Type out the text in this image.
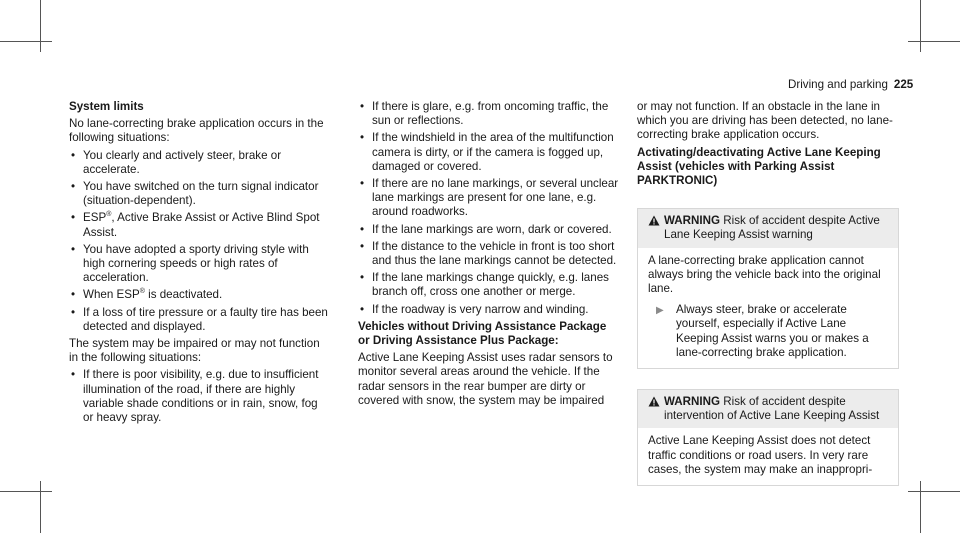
Driving and parking 225
System limits

No lane-correcting brake application occurs in the following situations:

• You clearly and actively steer, brake or accelerate.
• You have switched on the turn signal indicator (situation-dependent).
• ESP®, Active Brake Assist or Active Blind Spot Assist.
• You have adopted a sporty driving style with high cornering speeds or high rates of acceleration.
• When ESP® is deactivated.
• If a loss of tire pressure or a faulty tire has been detected and displayed.

The system may be impaired or may not function in the following situations:

• If there is poor visibility, e.g. due to insufficient illumination of the road, if there are highly variable shade conditions or in rain, snow, fog or heavy spray.
• If there is glare, e.g. from oncoming traffic, the sun or reflections.
• If the windshield in the area of the multifunction camera is dirty, or if the camera is fogged up, damaged or covered.
• If there are no lane markings, or several unclear lane markings are present for one lane, e.g. around roadworks.
• If the lane markings are worn, dark or covered.
• If the distance to the vehicle in front is too short and thus the lane markings cannot be detected.
• If the lane markings change quickly, e.g. lanes branch off, cross one another or merge.
• If the roadway is very narrow and winding.
Vehicles without Driving Assistance Package or Driving Assistance Plus Package:

Active Lane Keeping Assist uses radar sensors to monitor several areas around the vehicle. If the radar sensors in the rear bumper are dirty or covered with snow, the system may be impaired

or may not function. If an obstacle in the lane in which you are driving has been detected, no lane-correcting brake application occurs.

Activating/deactivating Active Lane Keeping Assist (vehicles with Parking Assist PARKTRONIC)
WARNING Risk of accident despite Active Lane Keeping Assist warning
A lane-correcting brake application cannot always bring the vehicle back into the original lane.
▶	Always steer, brake or accelerate yourself, especially if Active Lane Keeping Assist warns you or makes a lane-correcting brake application.
WARNING Risk of accident despite intervention of Active Lane Keeping Assist
Active Lane Keeping Assist does not detect traffic conditions or road users. In very rare cases, the system may make an inappropri-
